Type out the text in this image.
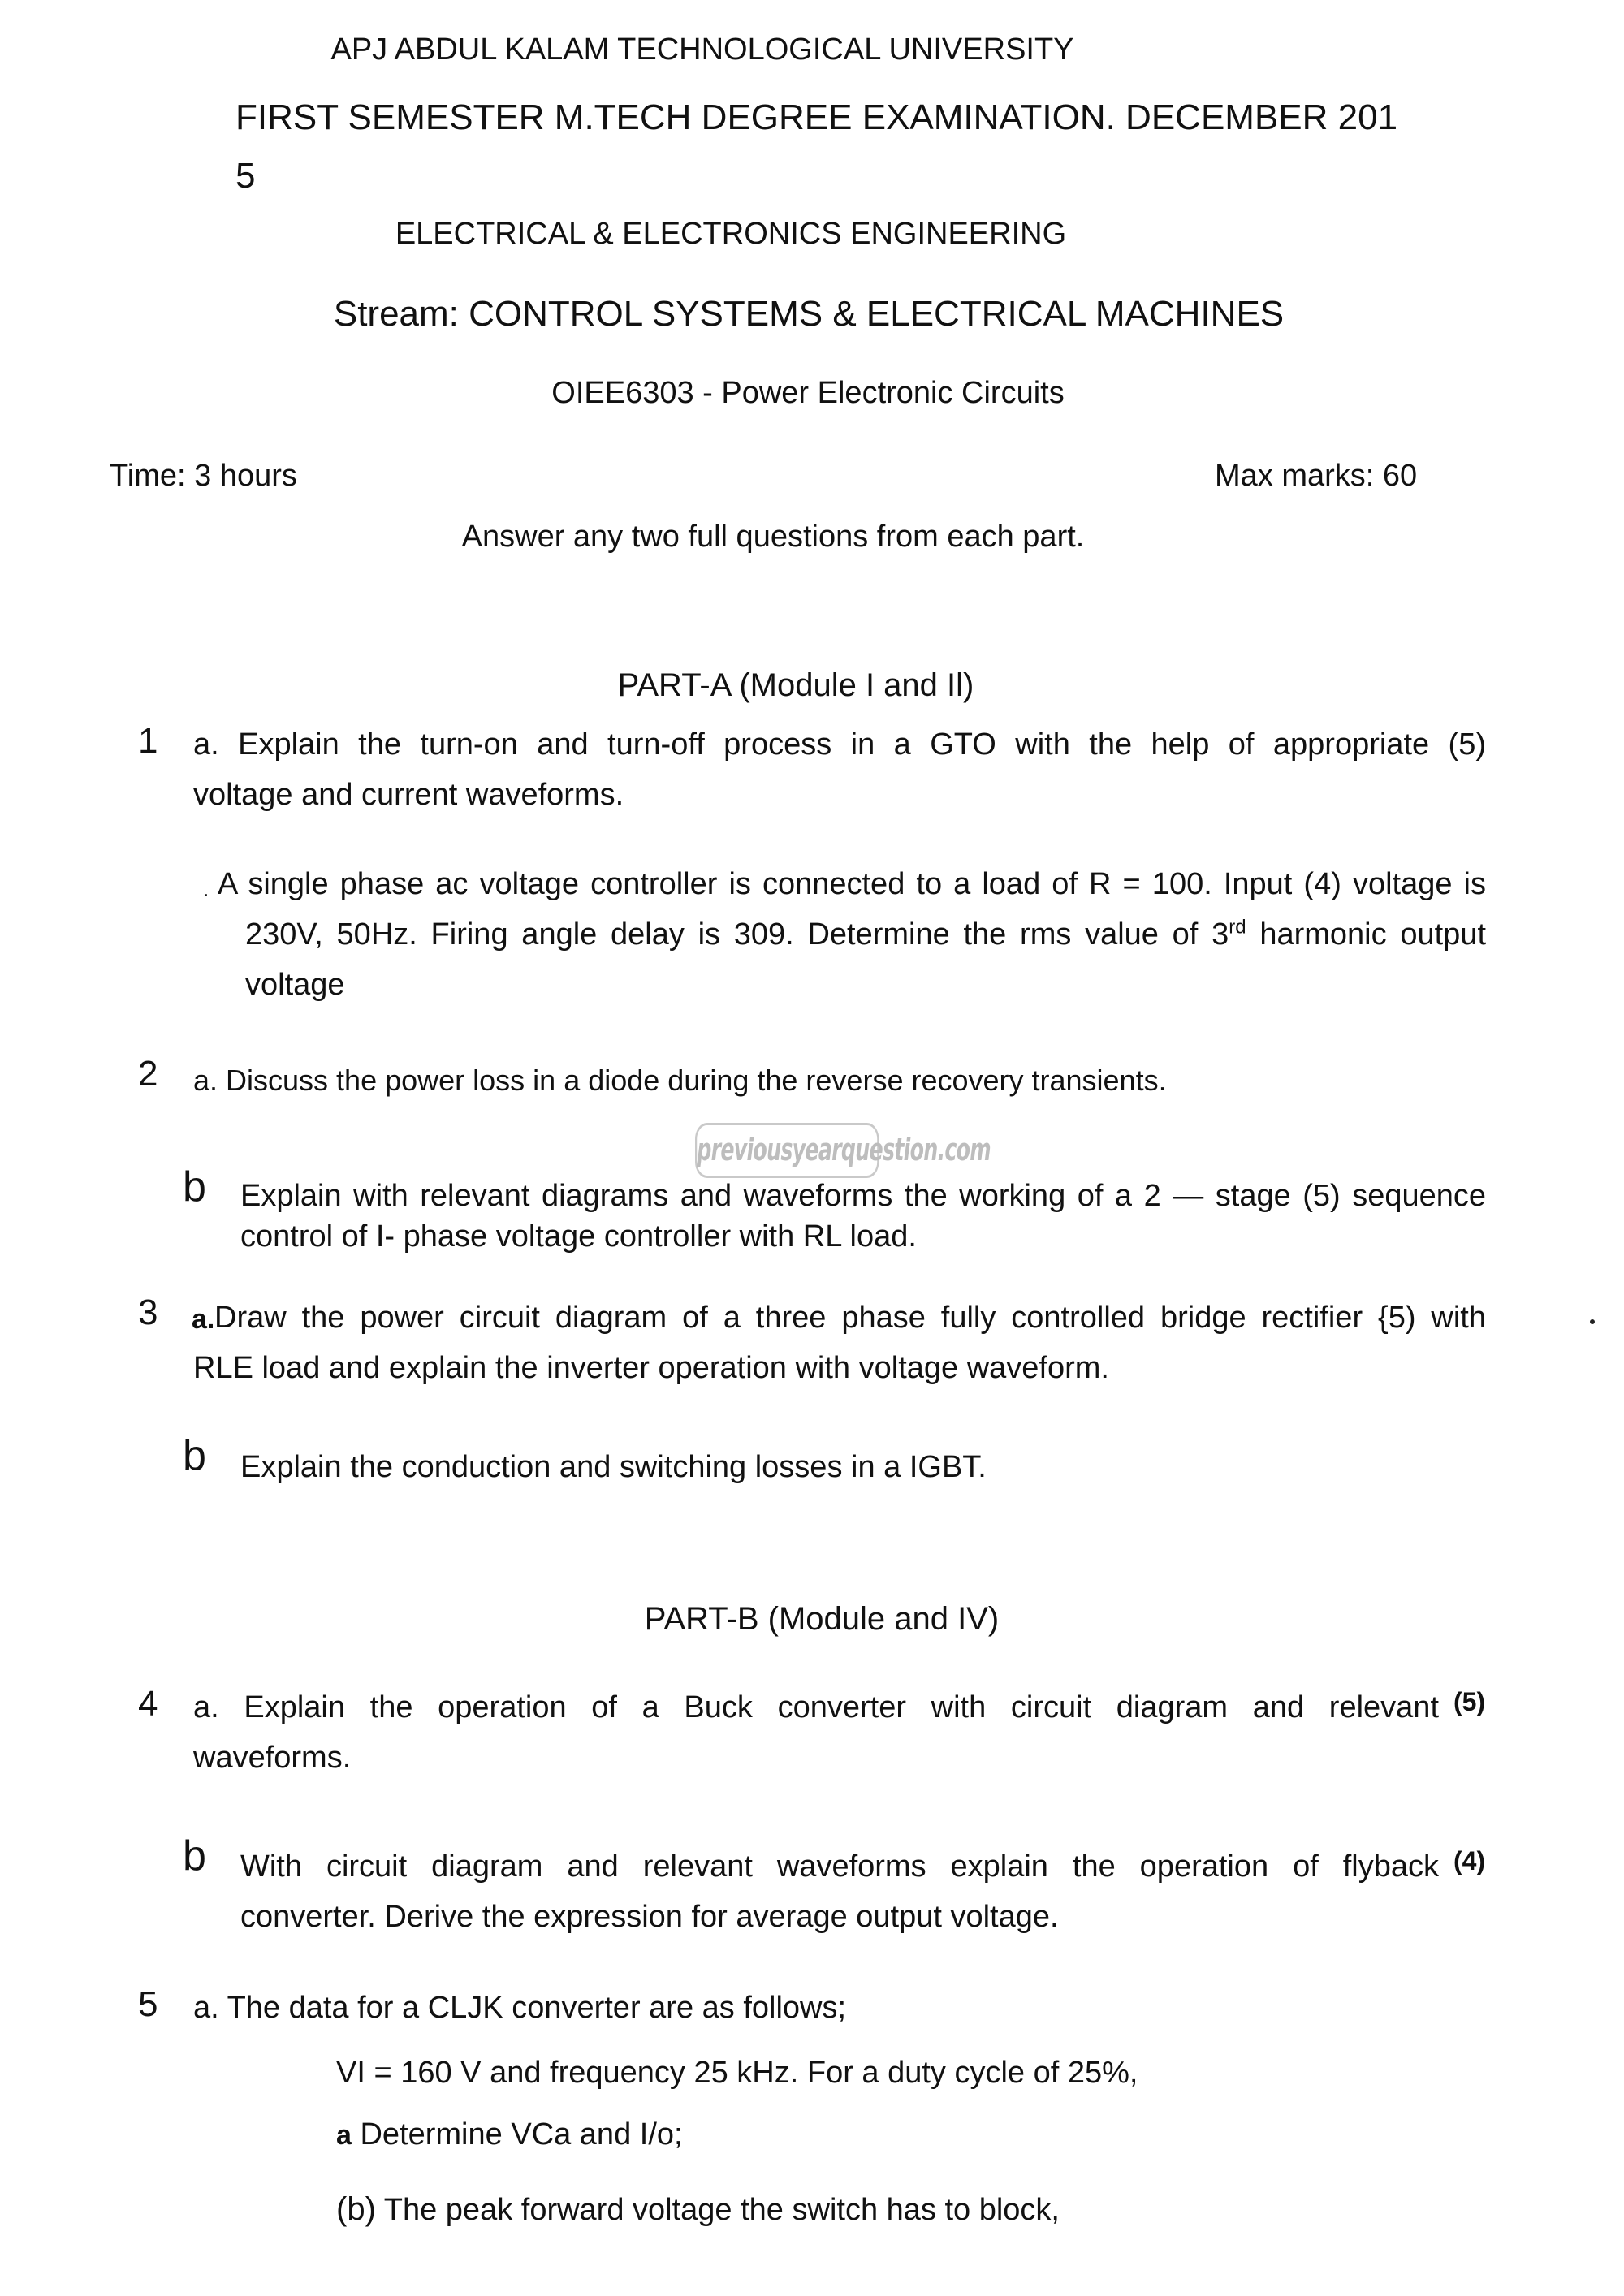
APJ ABDUL KALAM TECHNOLOGICAL UNIVERSITY
FIRST SEMESTER M.TECH DEGREE EXAMINATION. DECEMBER 201
5
ELECTRICAL & ELECTRONICS ENGINEERING
Stream: CONTROL SYSTEMS & ELECTRICAL MACHINES
OIEE6303 - Power Electronic Circuits
Time: 3 hours	Max marks: 60
Answer any two full questions from each part.
PART-A (Module I and Il)
1 a. Explain the turn-on and turn-off process in a GTO with the help of appropriate (5)
voltage and current waveforms.
. A single phase ac voltage controller is connected to a load of R = 100. Input (4) voltage is
230V, 50Hz. Firing angle delay is 309. Determine the rms value of 3rd harmonic output
voltage
2 a. Discuss the power loss in a diode during the reverse recovery transients.
previousyearquestion.com
b Explain with relevant diagrams and waveforms the working of a 2 — stage (5) sequence
control of I- phase voltage controller with RL load.
3 a. Draw the power circuit diagram of a three phase fully controlled bridge rectifier {5) with
RLE load and explain the inverter operation with voltage waveform.
b Explain the conduction and switching losses in a IGBT.
PART-B (Module and IV)
4 a. Explain the operation of a Buck converter with circuit diagram and relevant (5)
waveforms.
b With circuit diagram and relevant waveforms explain the operation of flyback (4)
converter. Derive the expression for average output voltage.
5 a. The data for a CLJK converter are as follows;
VI = 160 V and frequency 25 kHz. For a duty cycle of 25%,
a Determine VCa and I/o;
(b) The peak forward voltage the switch has to block,
